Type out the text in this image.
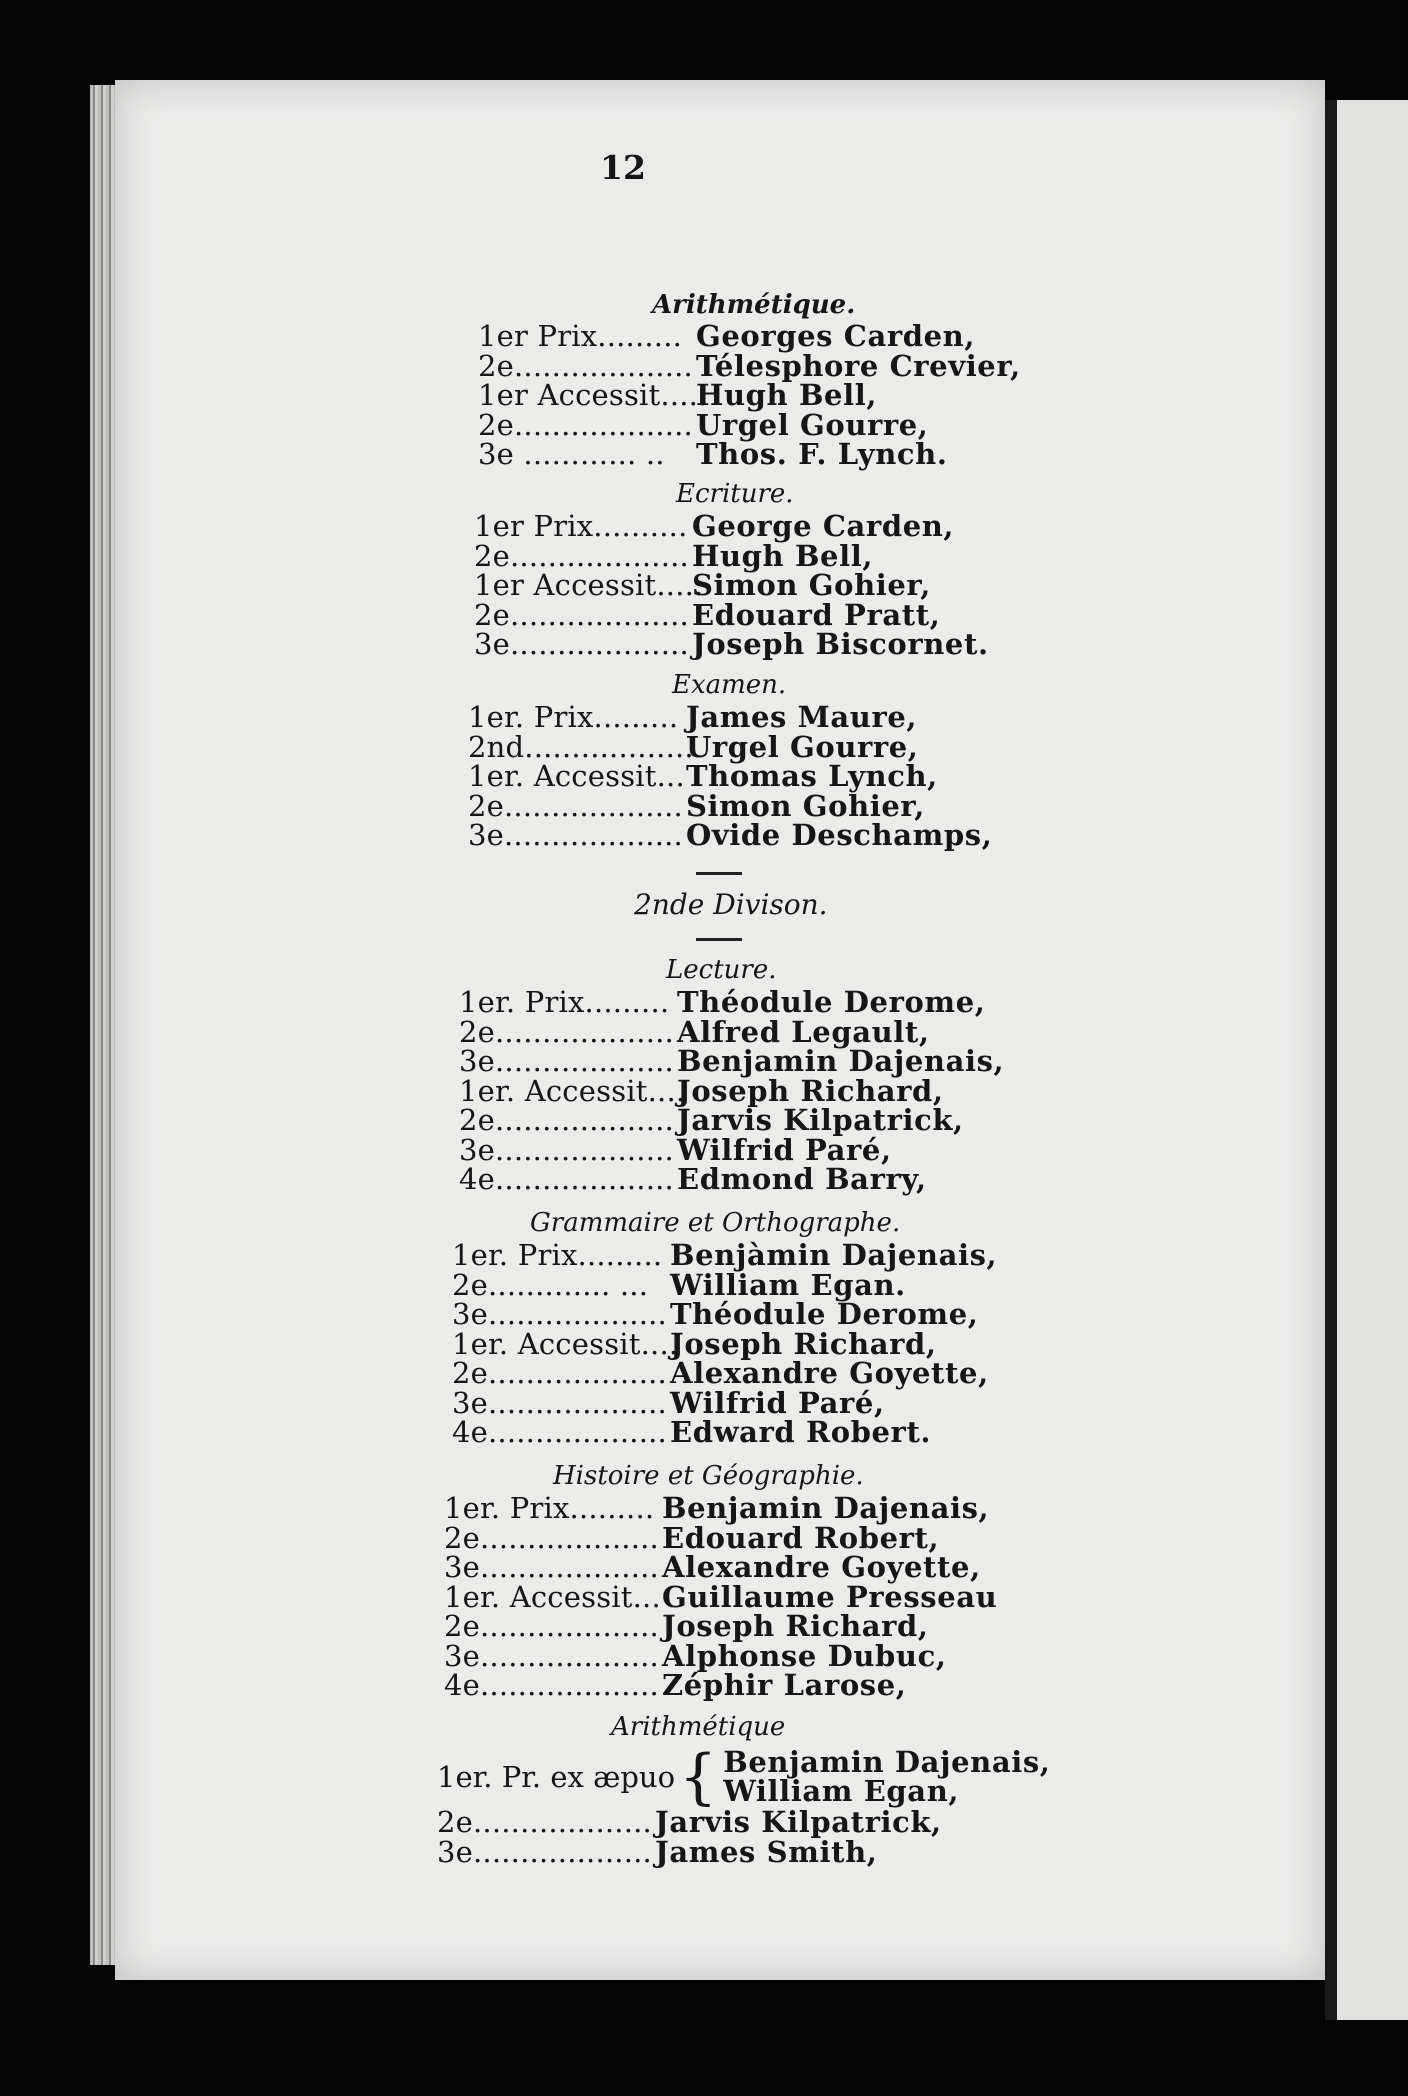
12
Arithmétique.
1er Prix......... Georges Carden,
2e................... Télesphore Crevier,
1er Accessit.....
Hugh Bell,
2e................... Urgel Gourre,
3e ............ ..	Thos. F. Lynch.
Ecriture.
1er Prix.......... George Carden,
2e................... Hugh Bell,
1er Accessit.....
Simon Gohier,
2e................... Edouard Pratt,
3e................... Joseph Biscornet.
Examen.
1er. Prix......... James Maure,
2nd..................
Urgel Gourre,
1er. Accessit... Thomas Lynch,
2e................... Simon Gohier,
3e................... Ovide Deschamps,
2nde Divison.
Lecture.
1er. Prix......... Théodule Derome,
2e................... Alfred Legault,
3e................... Benjamin Dajenais,
1er. Accessit....
Joseph Richard,
2e................... Jarvis Kilpatrick,
3e................... Wilfrid Paré,
4e................... Edmond Barry,
Grammaire et Orthographe.
1er. Prix......... Benjàmin Dajenais,
2e............. ... William Egan.
3e................... Théodule Derome,
1er. Accessit....
Joseph Richard,
2e................... Alexandre Goyette,
3e................... Wilfrid Paré,
4e................... Edward Robert.
Histoire et Géographie.
1er. Prix......... Benjamin Dajenais,
2e................... Edouard Robert,
3e................... Alexandre Goyette,
1er. Accessit... Guillaume Presseau
2e................... Joseph Richard,
3e................... Alphonse Dubuc,
4e................... Zéphir Larose,
Arithmétique
1er. Pr. ex æpuo { Benjamin Dajenais,
William Egan,
2e................... Jarvis Kilpatrick,
3e................... James Smith,
